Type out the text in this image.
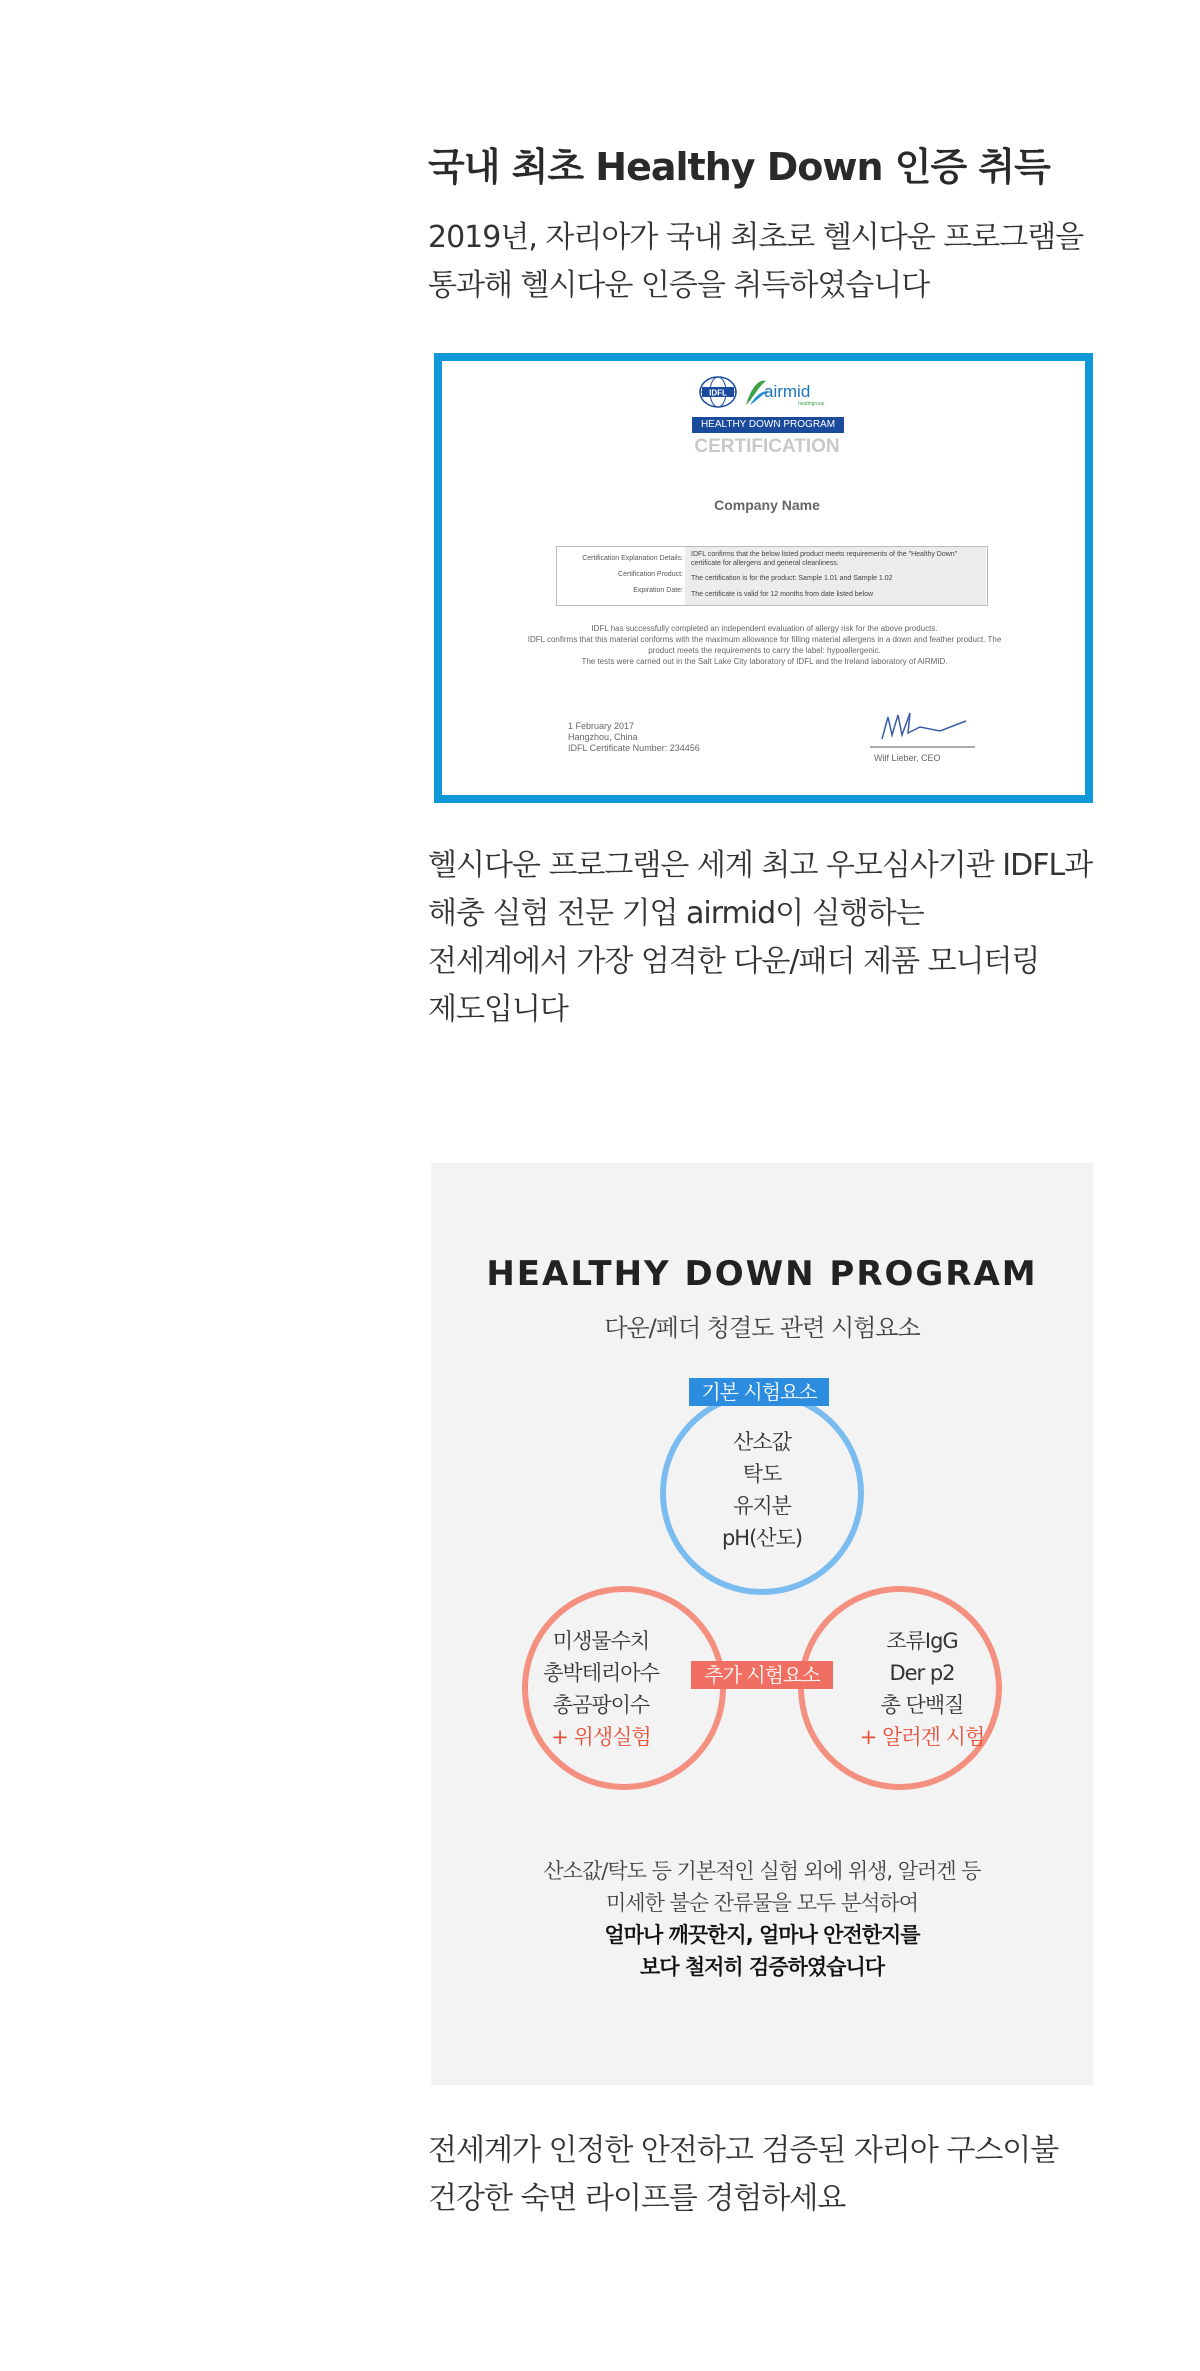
국내 최초 Healthy Down 인증 취득
2019년, 자리아가 국내 최초로 헬시다운 프로그램을
통과해 헬시다운 인증을 취득하였습니다
IDFL airmid
healthgroup
HEALTHY DOWN PROGRAM
CERTIFICATION
Company Name
Certification Explanation Details:
IDFL confirms that the below listed product meets requirements of the "Healthy Down" certificate for allergens and general cleanliness.
Certification Product:
The certification is for the product: Sample 1.01 and Sample 1.02
Expiration Date:
The certificate is valid for 12 months from date listed below
IDFL has successfully completed an independent evaluation of allergy risk for the above products.
IDFL confirms that this material conforms with the maximum allowance for filling material allergens in a down and feather product. The
product meets the requirements to carry the label: hypoallergenic.
The tests were carried out in the Salt Lake City laboratory of IDFL and the Ireland laboratory of AIRMID.
1 February 2017
Hangzhou, China
IDFL Certificate Number: 234456
Wilf Lieber, CEO
헬시다운 프로그램은 세계 최고 우모심사기관 IDFL과
해충 실험 전문 기업 airmid이 실행하는
전세계에서 가장 엄격한 다운/패더 제품 모니터링
제도입니다
HEALTHY DOWN PROGRAM
다운/페더 청결도 관련 시험요소
기본 시험요소
산소값
탁도
유지분
pH(산도)
미생물수치
총박테리아수
총곰팡이수
+ 위생실험
조류IgG
Der p2
총 단백질
+ 알러겐 시험
추가 시험요소
산소값/탁도 등 기본적인 실험 외에 위생, 알러겐 등
미세한 불순 잔류물을 모두 분석하여
얼마나 깨끗한지, 얼마나 안전한지를
보다 철저히 검증하였습니다
전세계가 인정한 안전하고 검증된 자리아 구스이불
건강한 숙면 라이프를 경험하세요
